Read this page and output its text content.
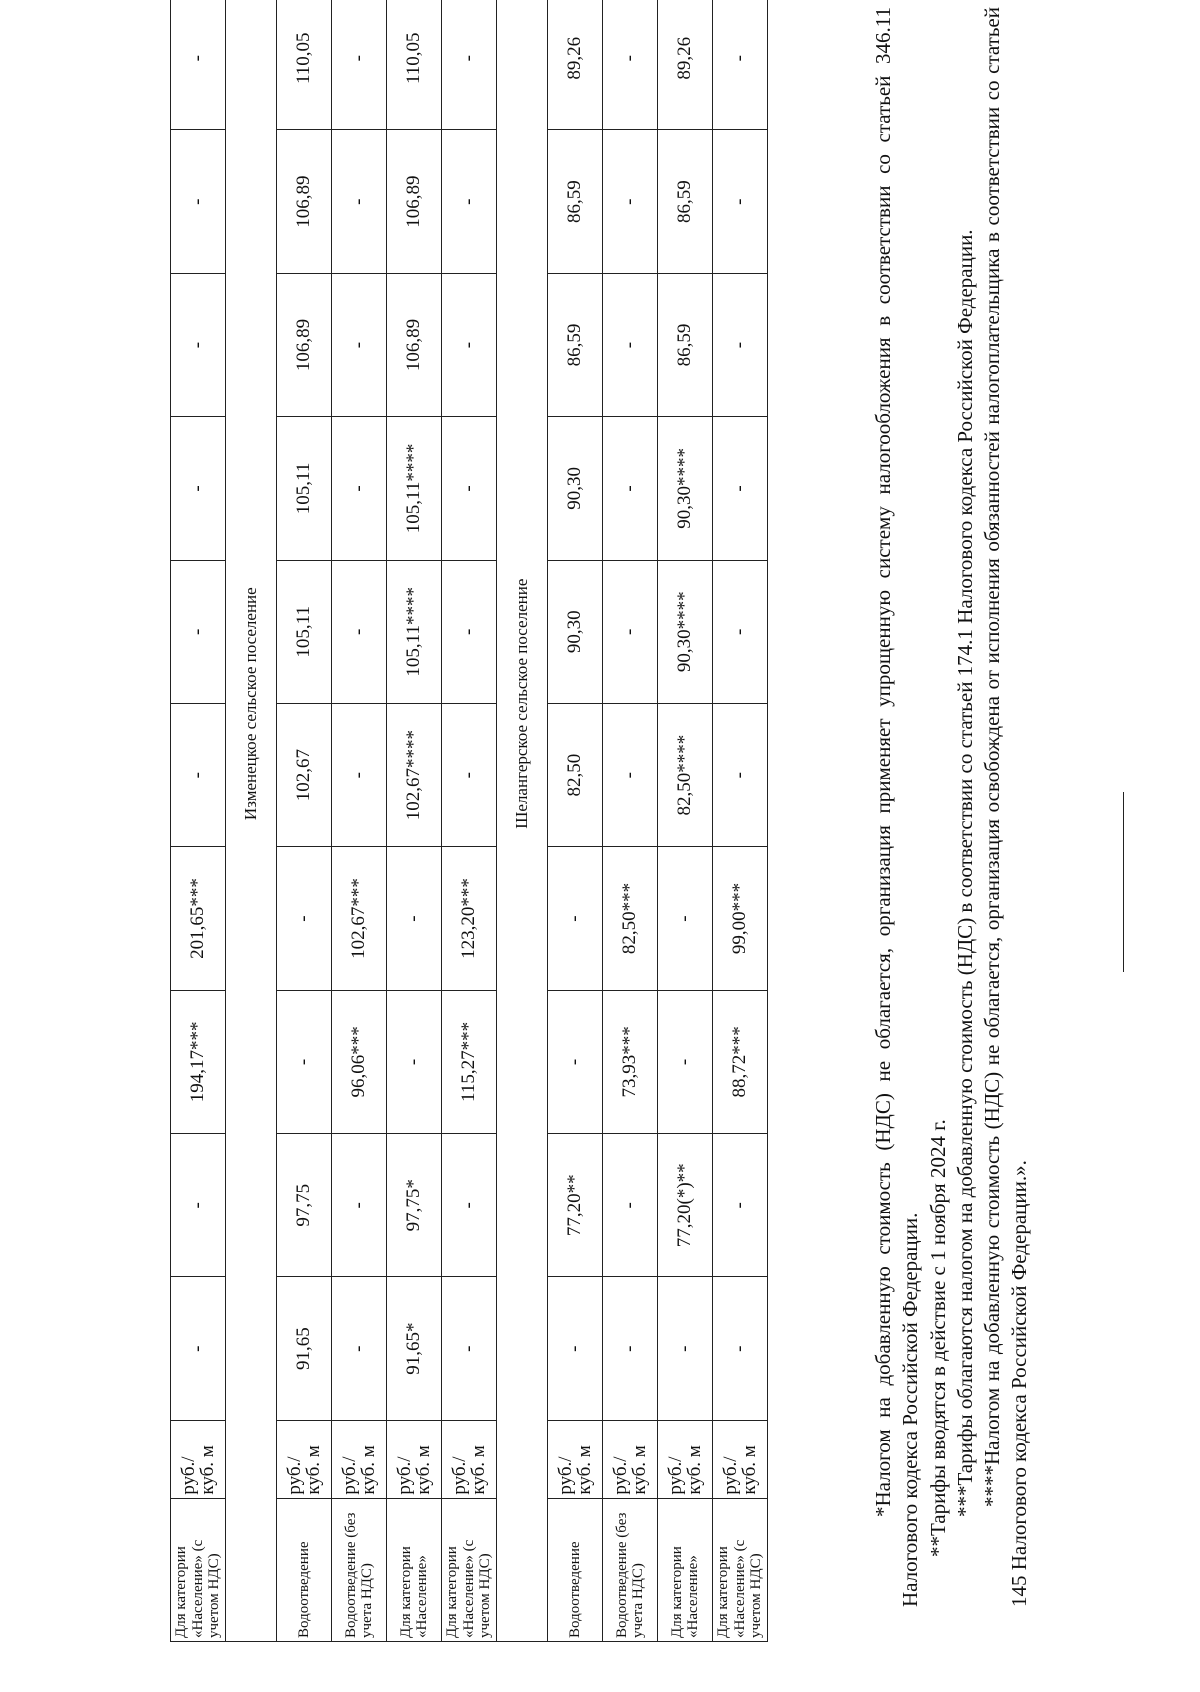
Для категории «Население» (с учетом НДС)	руб./ куб. м	-	-	194,17***	201,65***	-	-	-	-	-	-
		Изменецкое сельское поселение									
Водоотведение	руб./ куб. м	91,65	97,75	-	-	102,67	105,11	105,11	106,89	106,89	110,05
Водоотведение (без учета НДС)	руб./ куб. м	-	-	96,06***	102,67***	-	-	-	-	-	-
Для категории «Население»	руб./ куб. м	91,65*	97,75*	-	-	102,67****	105,11****	105,11****	106,89	106,89	110,05
Для категории «Население» (с учетом НДС)	руб./ куб. м	-	-	115,27***	123,20***	-	-	-	-	-	-
		Шелангерское сельское поселение									
Водоотведение	руб./ куб. м	-	77,20**	-	-	82,50	90,30	90,30	86,59	86,59	89,26
Водоотведение (без учета НДС)	руб./ куб. м	-	-	73,93***	82,50***	-	-	-	-	-	-
Для категории «Население»	руб./ куб. м	-	77,20(*)**	-	-	82,50****	90,30****	90,30****	86,59	86,59	89,26
Для категории «Население» (с учетом НДС)	руб./ куб. м	-	-	88,72***	99,00***	-	-	-	-	-	-	*Налогом на добавленную стоимость (НДС) не облагается, организация применяет упрощенную систему налогообложения в соответствии со статьей 346.11 Налогового кодекса Российской Федерации. **Тарифы вводятся в действие с 1 ноября 2024 г. ***Тарифы облагаются налогом на добавленную стоимость (НДС) в соответствии со статьей 174.1 Налогового кодекса Российской Федерации. ****Налогом на добавленную стоимость (НДС) не облагается, организация освобождена от исполнения обязанностей налогоплательщика в соответствии со статьей 145 Налогового кодекса Российской Федерации.».
